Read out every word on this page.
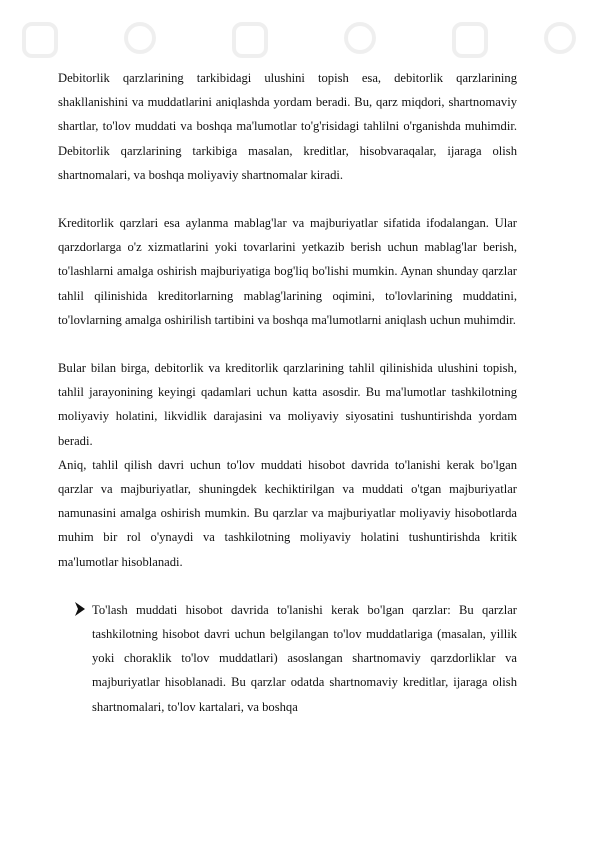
Debitorlik qarzlarining tarkibidagi ulushini topish esa, debitorlik qarzlarining shakllanishini va muddatlarini aniqlashda yordam beradi. Bu, qarz miqdori, shartnomaviy shartlar, to'lov muddati va boshqa ma'lumotlar to'g'risidagi tahlilni o'rganishda muhimdir. Debitorlik qarzlarining tarkibiga masalan, kreditlar, hisobvaraqalar, ijaraga olish shartnomalari, va boshqa moliyaviy shartnomalar kiradi.

Kreditorlik qarzlari esa aylanma mablag'lar va majburiyatlar sifatida ifodalangan. Ular qarzdorlarga o'z xizmatlarini yoki tovarlarini yetkazib berish uchun mablag'lar berish, to'lashlarni amalga oshirish majburiyatiga bog'liq bo'lishi mumkin. Aynan shunday qarzlar tahlil qilinishida kreditorlarning mablag'larining oqimini, to'lovlarining muddatini, to'lovlarning amalga oshirilish tartibini va boshqa ma'lumotlarni aniqlash uchun muhimdir.

Bular bilan birga, debitorlik va kreditorlik qarzlarining tahlil qilinishida ulushini topish, tahlil jarayonining keyingi qadamlari uchun katta asosdir. Bu ma'lumotlar tashkilotning moliyaviy holatini, likvidlik darajasini va moliyaviy siyosatini tushuntirishda yordam beradi.

Aniq, tahlil qilish davri uchun to'lov muddati hisobot davrida to'lanishi kerak bo'lgan qarzlar va majburiyatlar, shuningdek kechiktirilgan va muddati o'tgan majburiyatlar namunasini amalga oshirish mumkin. Bu qarzlar va majburiyatlar moliyaviy hisobotlarda muhim bir rol o'ynaydi va tashkilotning moliyaviy holatini tushuntirishda kritik ma'lumotlar hisoblanadi.

To'lash muddati hisobot davrida to'lanishi kerak bo'lgan qarzlar: Bu qarzlar tashkilotning hisobot davri uchun belgilangan to'lov muddatlariga (masalan, yillik yoki choraklik to'lov muddatlari) asoslangan shartnomaviy qarzdorliklar va majburiyatlar hisoblanadi. Bu qarzlar odatda shartnomaviy kreditlar, ijaraga olish shartnomalari, to'lov kartalari, va boshqa
